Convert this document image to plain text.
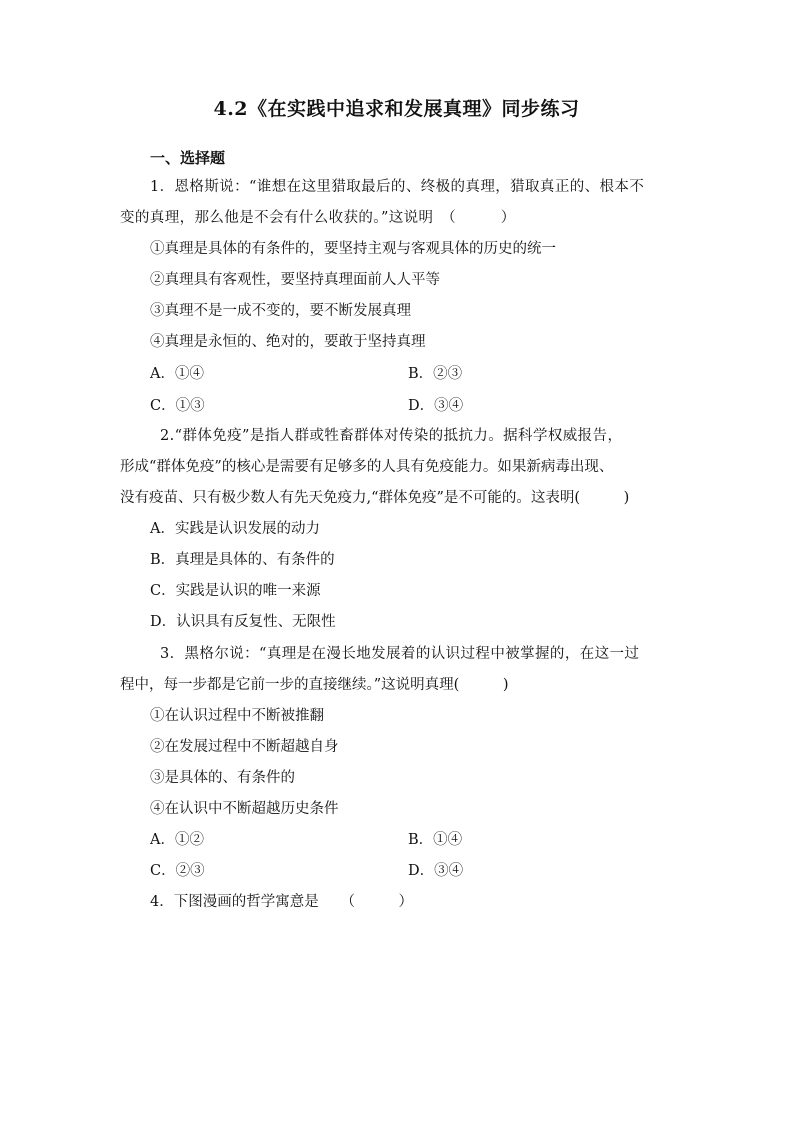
4.2《在实践中追求和发展真理》同步练习
一、选择题
1．恩格斯说：“谁想在这里猎取最后的、终极的真理，猎取真正的、根本不
变的真理，那么他是不会有什么收获的。”这说明　（　　　）
①真理是具体的有条件的，要坚持主观与客观具体的历史的统一
②真理具有客观性，要坚持真理面前人人平等
③真理不是一成不变的，要不断发展真理
④真理是永恒的、绝对的，要敢于坚持真理
A．①④	B．②③
C．①③	D．③④
2.“群体免疫”是指人群或牲畜群体对传染的抵抗力。据科学权威报告，
形成“群体免疫”的核心是需要有足够多的人具有免疫能力。如果新病毒出现、
没有疫苗、只有极少数人有先天免疫力,“群体免疫”是不可能的。这表明(　　　)
A．实践是认识发展的动力
B．真理是具体的、有条件的
C．实践是认识的唯一来源
D．认识具有反复性、无限性
3．黑格尔说：“真理是在漫长地发展着的认识过程中被掌握的，在这一过
程中，每一步都是它前一步的直接继续。”这说明真理(　　　)
①在认识过程中不断被推翻
②在发展过程中不断超越自身
③是具体的、有条件的
④在认识中不断超越历史条件
A．①②	B．①④
C．②③	D．③④
4．下图漫画的哲学寓意是　　（　　　）
